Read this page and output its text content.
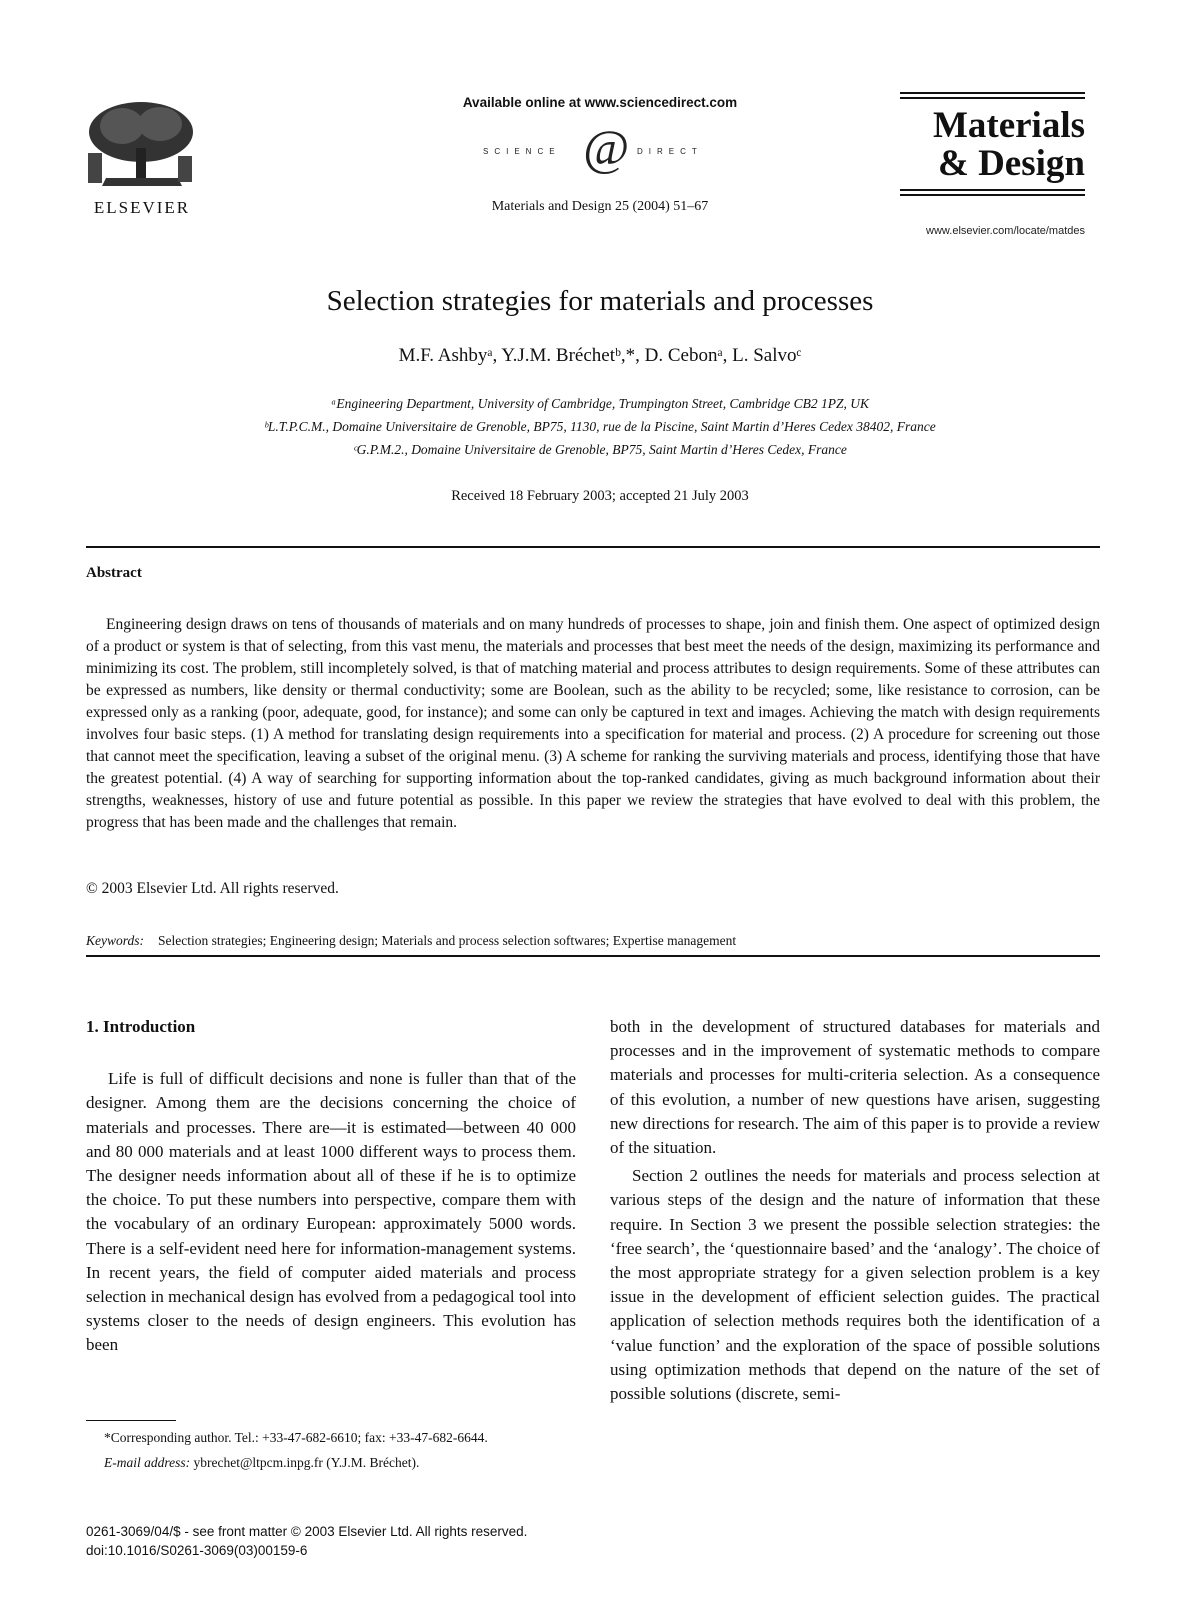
ELSEVIER
Available online at www.sciencedirect.com
SCIENCE @ DIRECT
Materials and Design 25 (2004) 51–67
Materials
& Design
www.elsevier.com/locate/matdes
Selection strategies for materials and processes
M.F. Ashbyᵃ, Y.J.M. Bréchetᵇ,*, D. Cebonᵃ, L. Salvoᶜ
ᵃEngineering Department, University of Cambridge, Trumpington Street, Cambridge CB2 1PZ, UK
ᵇL.T.P.C.M., Domaine Universitaire de Grenoble, BP75, 1130, rue de la Piscine, Saint Martin d’Heres Cedex 38402, France
ᶜG.P.M.2., Domaine Universitaire de Grenoble, BP75, Saint Martin d’Heres Cedex, France
Received 18 February 2003; accepted 21 July 2003
Abstract

Engineering design draws on tens of thousands of materials and on many hundreds of processes to shape, join and finish them. One aspect of optimized design of a product or system is that of selecting, from this vast menu, the materials and processes that best meet the needs of the design, maximizing its performance and minimizing its cost. The problem, still incompletely solved, is that of matching material and process attributes to design requirements. Some of these attributes can be expressed as numbers, like density or thermal conductivity; some are Boolean, such as the ability to be recycled; some, like resistance to corrosion, can be expressed only as a ranking (poor, adequate, good, for instance); and some can only be captured in text and images. Achieving the match with design requirements involves four basic steps. (1) A method for translating design requirements into a specification for material and process. (2) A procedure for screening out those that cannot meet the specification, leaving a subset of the original menu. (3) A scheme for ranking the surviving materials and process, identifying those that have the greatest potential. (4) A way of searching for supporting information about the top-ranked candidates, giving as much background information about their strengths, weaknesses, history of use and future potential as possible. In this paper we review the strategies that have evolved to deal with this problem, the progress that has been made and the challenges that remain.

© 2003 Elsevier Ltd. All rights reserved.
Keywords: Selection strategies; Engineering design; Materials and process selection softwares; Expertise management
1. Introduction

Life is full of difficult decisions and none is fuller than that of the designer. Among them are the decisions concerning the choice of materials and processes. There are—it is estimated—between 40 000 and 80 000 materials and at least 1000 different ways to process them. The designer needs information about all of these if he is to optimize the choice. To put these numbers into perspective, compare them with the vocabulary of an ordinary European: approximately 5000 words. There is a self-evident need here for information-management systems. In recent years, the field of computer aided materials and process selection in mechanical design has evolved from a pedagogical tool into systems closer to the needs of design engineers. This evolution has been

both in the development of structured databases for materials and processes and in the improvement of systematic methods to compare materials and processes for multi-criteria selection. As a consequence of this evolution, a number of new questions have arisen, suggesting new directions for research. The aim of this paper is to provide a review of the situation.

Section 2 outlines the needs for materials and process selection at various steps of the design and the nature of information that these require. In Section 3 we present the possible selection strategies: the ‘free search’, the ‘questionnaire based’ and the ‘analogy’. The choice of the most appropriate strategy for a given selection problem is a key issue in the development of efficient selection guides. The practical application of selection methods requires both the identification of a ‘value function’ and the exploration of the space of possible solutions using optimization methods that depend on the nature of the set of possible solutions (discrete, semi-

*Corresponding author. Tel.: +33-47-682-6610; fax: +33-47-682-6644.

E-mail address: ybrechet@ltpcm.inpg.fr (Y.J.M. Bréchet).

0261-3069/04/$ - see front matter © 2003 Elsevier Ltd. All rights reserved.

doi:10.1016/S0261-3069(03)00159-6
